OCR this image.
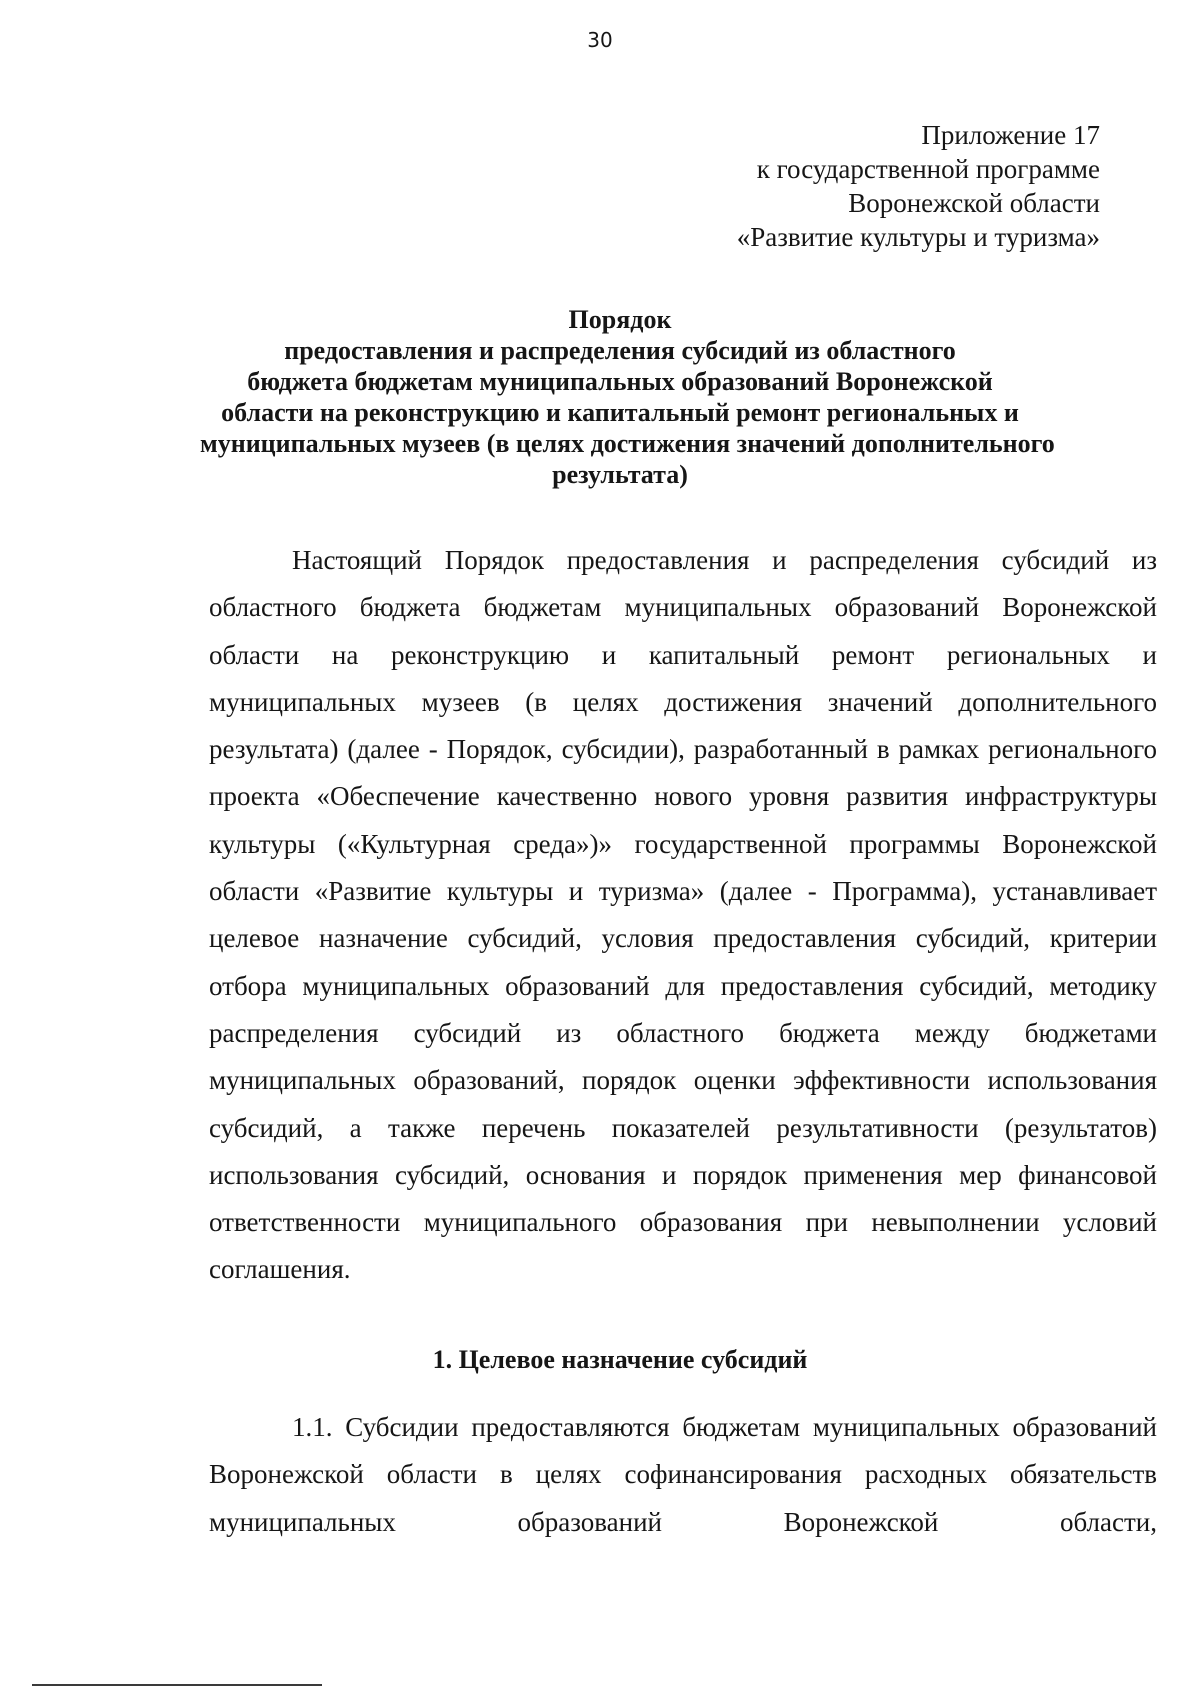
30
Приложение 17
к государственной программе
Воронежской области
«Развитие культуры и туризма»
Порядок
предоставления и распределения субсидий из областного
бюджета бюджетам муниципальных образований Воронежской
области на реконструкцию и капитальный ремонт региональных и
муниципальных музеев (в целях достижения значений дополнительного
результата)

Настоящий Порядок предоставления и распределения субсидий из областного бюджета бюджетам муниципальных образований Воронежской области на реконструкцию и капитальный ремонт региональных и муниципальных музеев (в целях достижения значений дополнительного результата) (далее - Порядок, субсидии), разработанный в рамках регионального проекта «Обеспечение качественно нового уровня развития инфраструктуры культуры («Культурная среда»)» государственной программы Воронежской области «Развитие культуры и туризма» (далее - Программа), устанавливает целевое назначение субсидий, условия предоставления субсидий, критерии отбора муниципальных образований для предоставления субсидий, методику распределения субсидий из областного бюджета между бюджетами муниципальных образований, порядок оценки эффективности использования субсидий, а также перечень показателей результативности (результатов) использования субсидий, основания и порядок применения мер финансовой ответственности муниципального образования при невыполнении условий соглашения.

1. Целевое назначение субсидий

1.1. Субсидии предоставляются бюджетам муниципальных образований Воронежской области в целях софинансирования расходных обязательств муниципальных образований Воронежской области,
